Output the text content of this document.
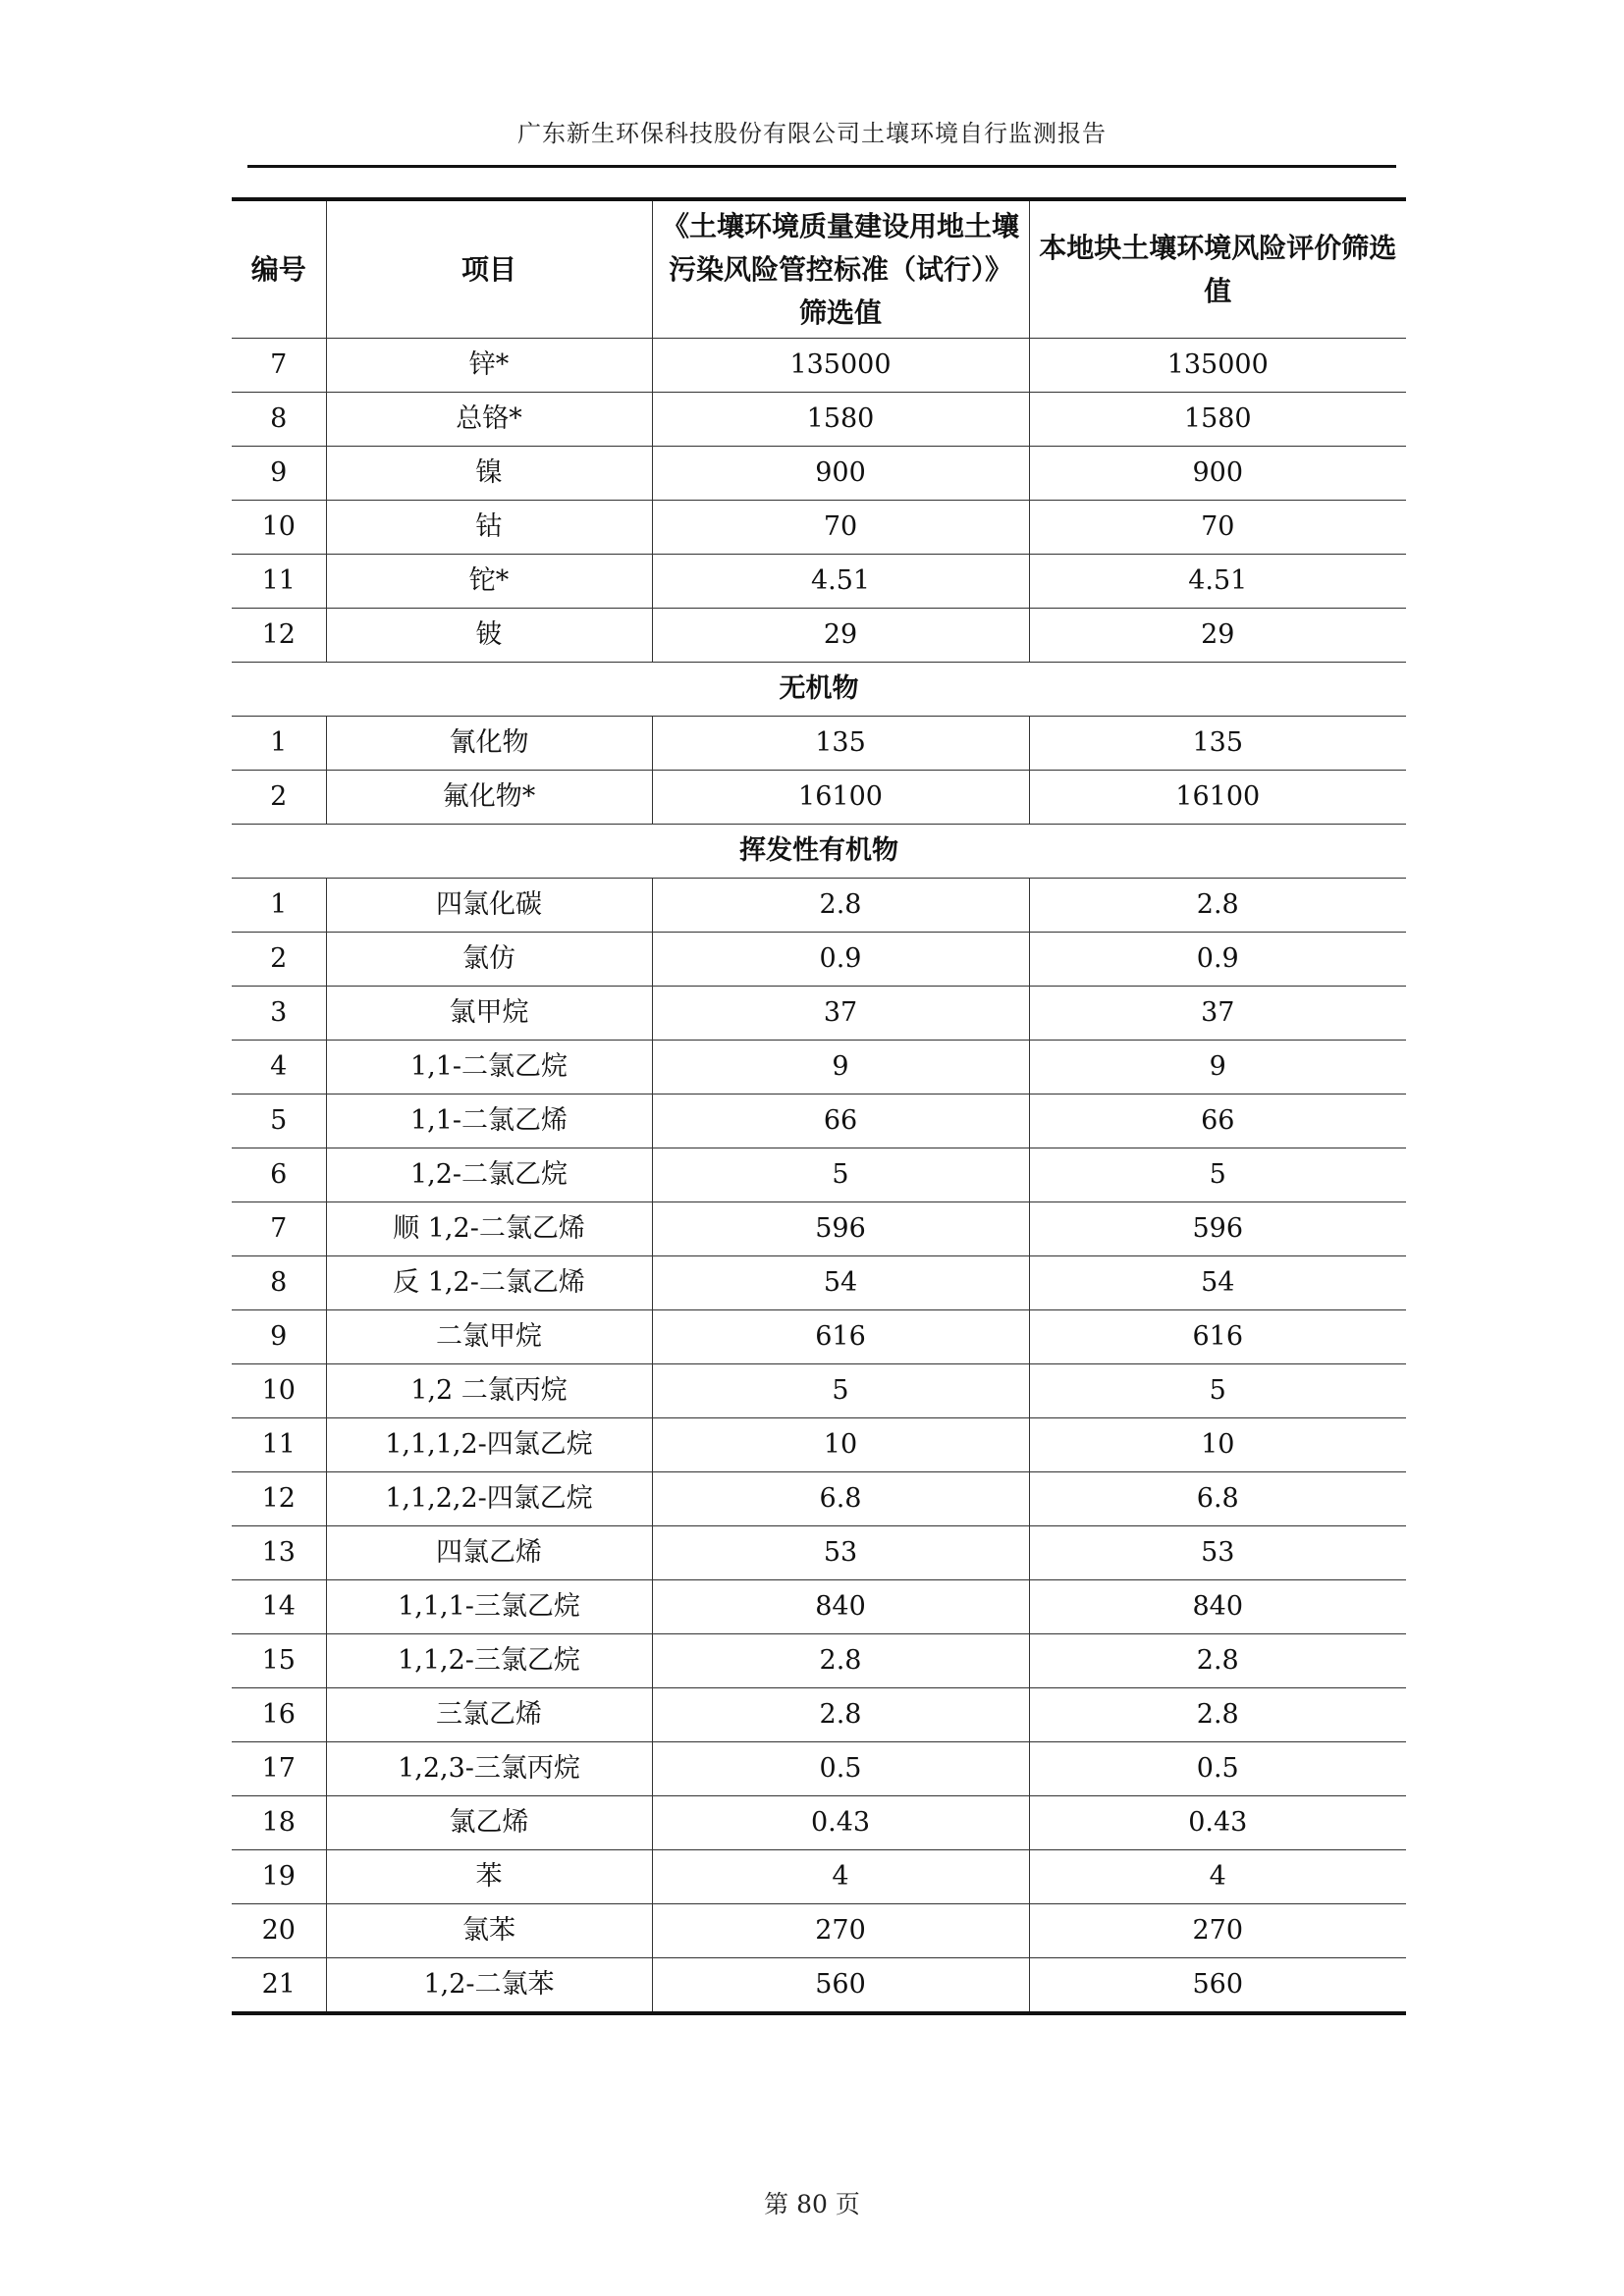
广东新生环保科技股份有限公司土壤环境自行监测报告
编号	项目	《土壤环境质量建设用地土壤污染风险管控标准（试行）》筛选值	本地块土壤环境风险评价筛选值
7	锌*	135000	135000
8	总铬*	1580	1580
9	镍	900	900
10	钴	70	70
11	铊*	4.51	4.51
12	铍	29	29
无机物			
1	氰化物	135	135
2	氟化物*	16100	16100
挥发性有机物			
1	四氯化碳	2.8	2.8
2	氯仿	0.9	0.9
3	氯甲烷	37	37
4	1,1-二氯乙烷	9	9
5	1,1-二氯乙烯	66	66
6	1,2-二氯乙烷	5	5
7	顺 1,2-二氯乙烯	596	596
8	反 1,2-二氯乙烯	54	54
9	二氯甲烷	616	616
10	1,2 二氯丙烷	5	5
11	1,1,1,2-四氯乙烷	10	10
12	1,1,2,2-四氯乙烷	6.8	6.8
13	四氯乙烯	53	53
14	1,1,1-三氯乙烷	840	840
15	1,1,2-三氯乙烷	2.8	2.8
16	三氯乙烯	2.8	2.8
17	1,2,3-三氯丙烷	0.5	0.5
18	氯乙烯	0.43	0.43
19	苯	4	4
20	氯苯	270	270
21	1,2-二氯苯	560	560
第 80 页
